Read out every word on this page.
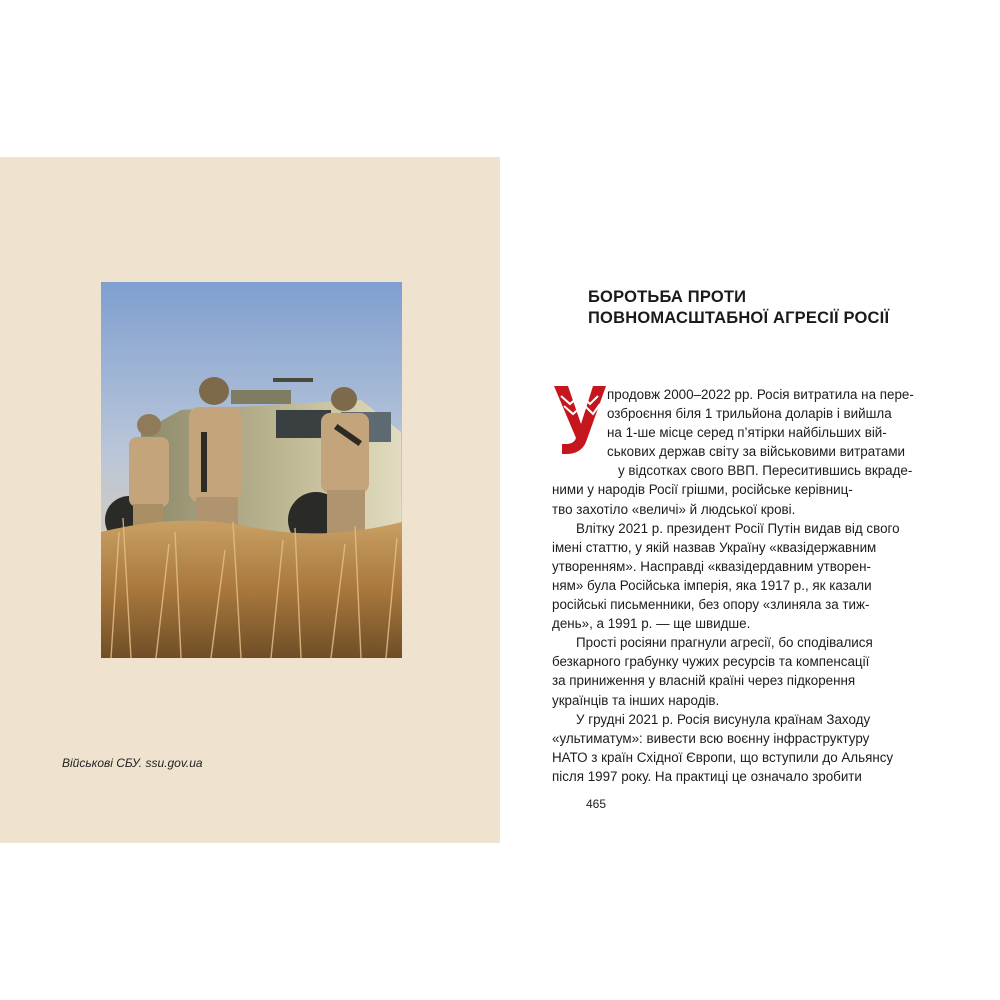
Військові СБУ. ssu.gov.ua
БОРОТЬБА ПРОТИ ПОВНОМАСШТАБНОЇ АГРЕСІЇ РОСІЇ
продовж 2000–2022 рр. Росія витратила на пере-
озброєння біля 1 трильйона доларів і вийшла
на 1-ше місце серед п’ятірки найбільших вій-
ськових держав світу за військовими витратами
у відсотках свого ВВП. Переситившись вкраде-
ними у народів Росії грішми, російське керівниц-
тво захотіло «величі» й людської крові.
Влітку 2021 р. президент Росії Путін видав від свого
імені статтю, у якій назвав Україну «квазідержавним
утворенням». Насправді «квазідердавним утворен-
ням» була Російська імперія, яка 1917 р., як казали
російські письменники, без опору «злиняла за тиж-
день», а 1991 р. — ще швидше.
Прості росіяни прагнули агресії, бо сподівалися
безкарного грабунку чужих ресурсів та компенсації
за приниження у власній країні через підкорення
українців та інших народів.
У грудні 2021 р. Росія висунула країнам Заходу
«ультиматум»: вивести всю воєнну інфраструктуру
НАТО з країн Східної Європи, що вступили до Альянсу
після 1997 року. На практиці це означало зробити
465
